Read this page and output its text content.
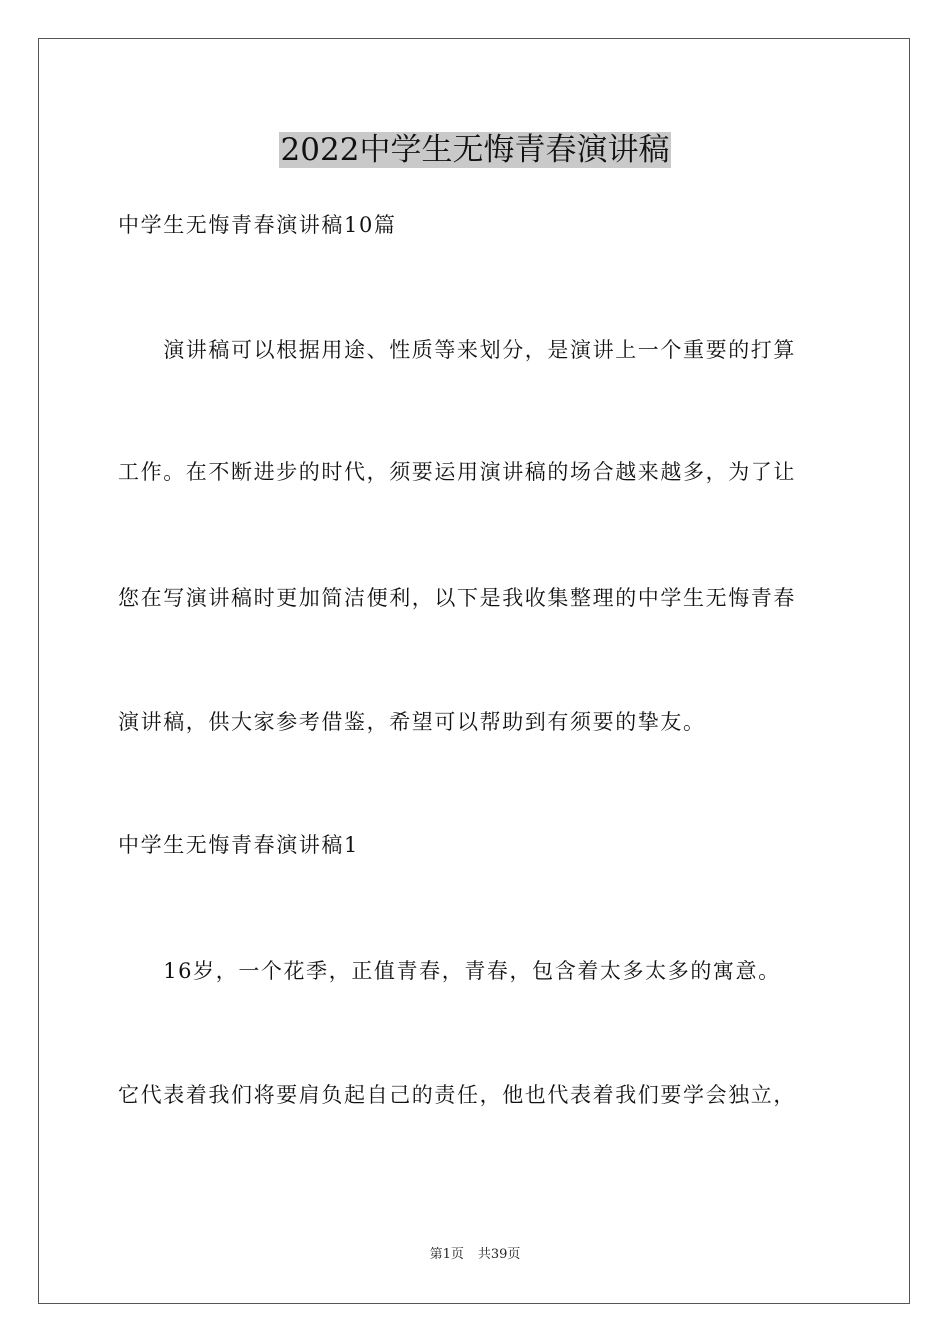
2022中学生无悔青春演讲稿
中学生无悔青春演讲稿10篇
　　演讲稿可以根据用途、性质等来划分，是演讲上一个重要的打算
工作。在不断进步的时代，须要运用演讲稿的场合越来越多，为了让
您在写演讲稿时更加简洁便利，以下是我收集整理的中学生无悔青春
演讲稿，供大家参考借鉴，希望可以帮助到有须要的挚友。
中学生无悔青春演讲稿1
　　16岁，一个花季，正值青春，青春，包含着太多太多的寓意。
它代表着我们将要肩负起自己的责任，他也代表着我们要学会独立，
第1页 共39页
